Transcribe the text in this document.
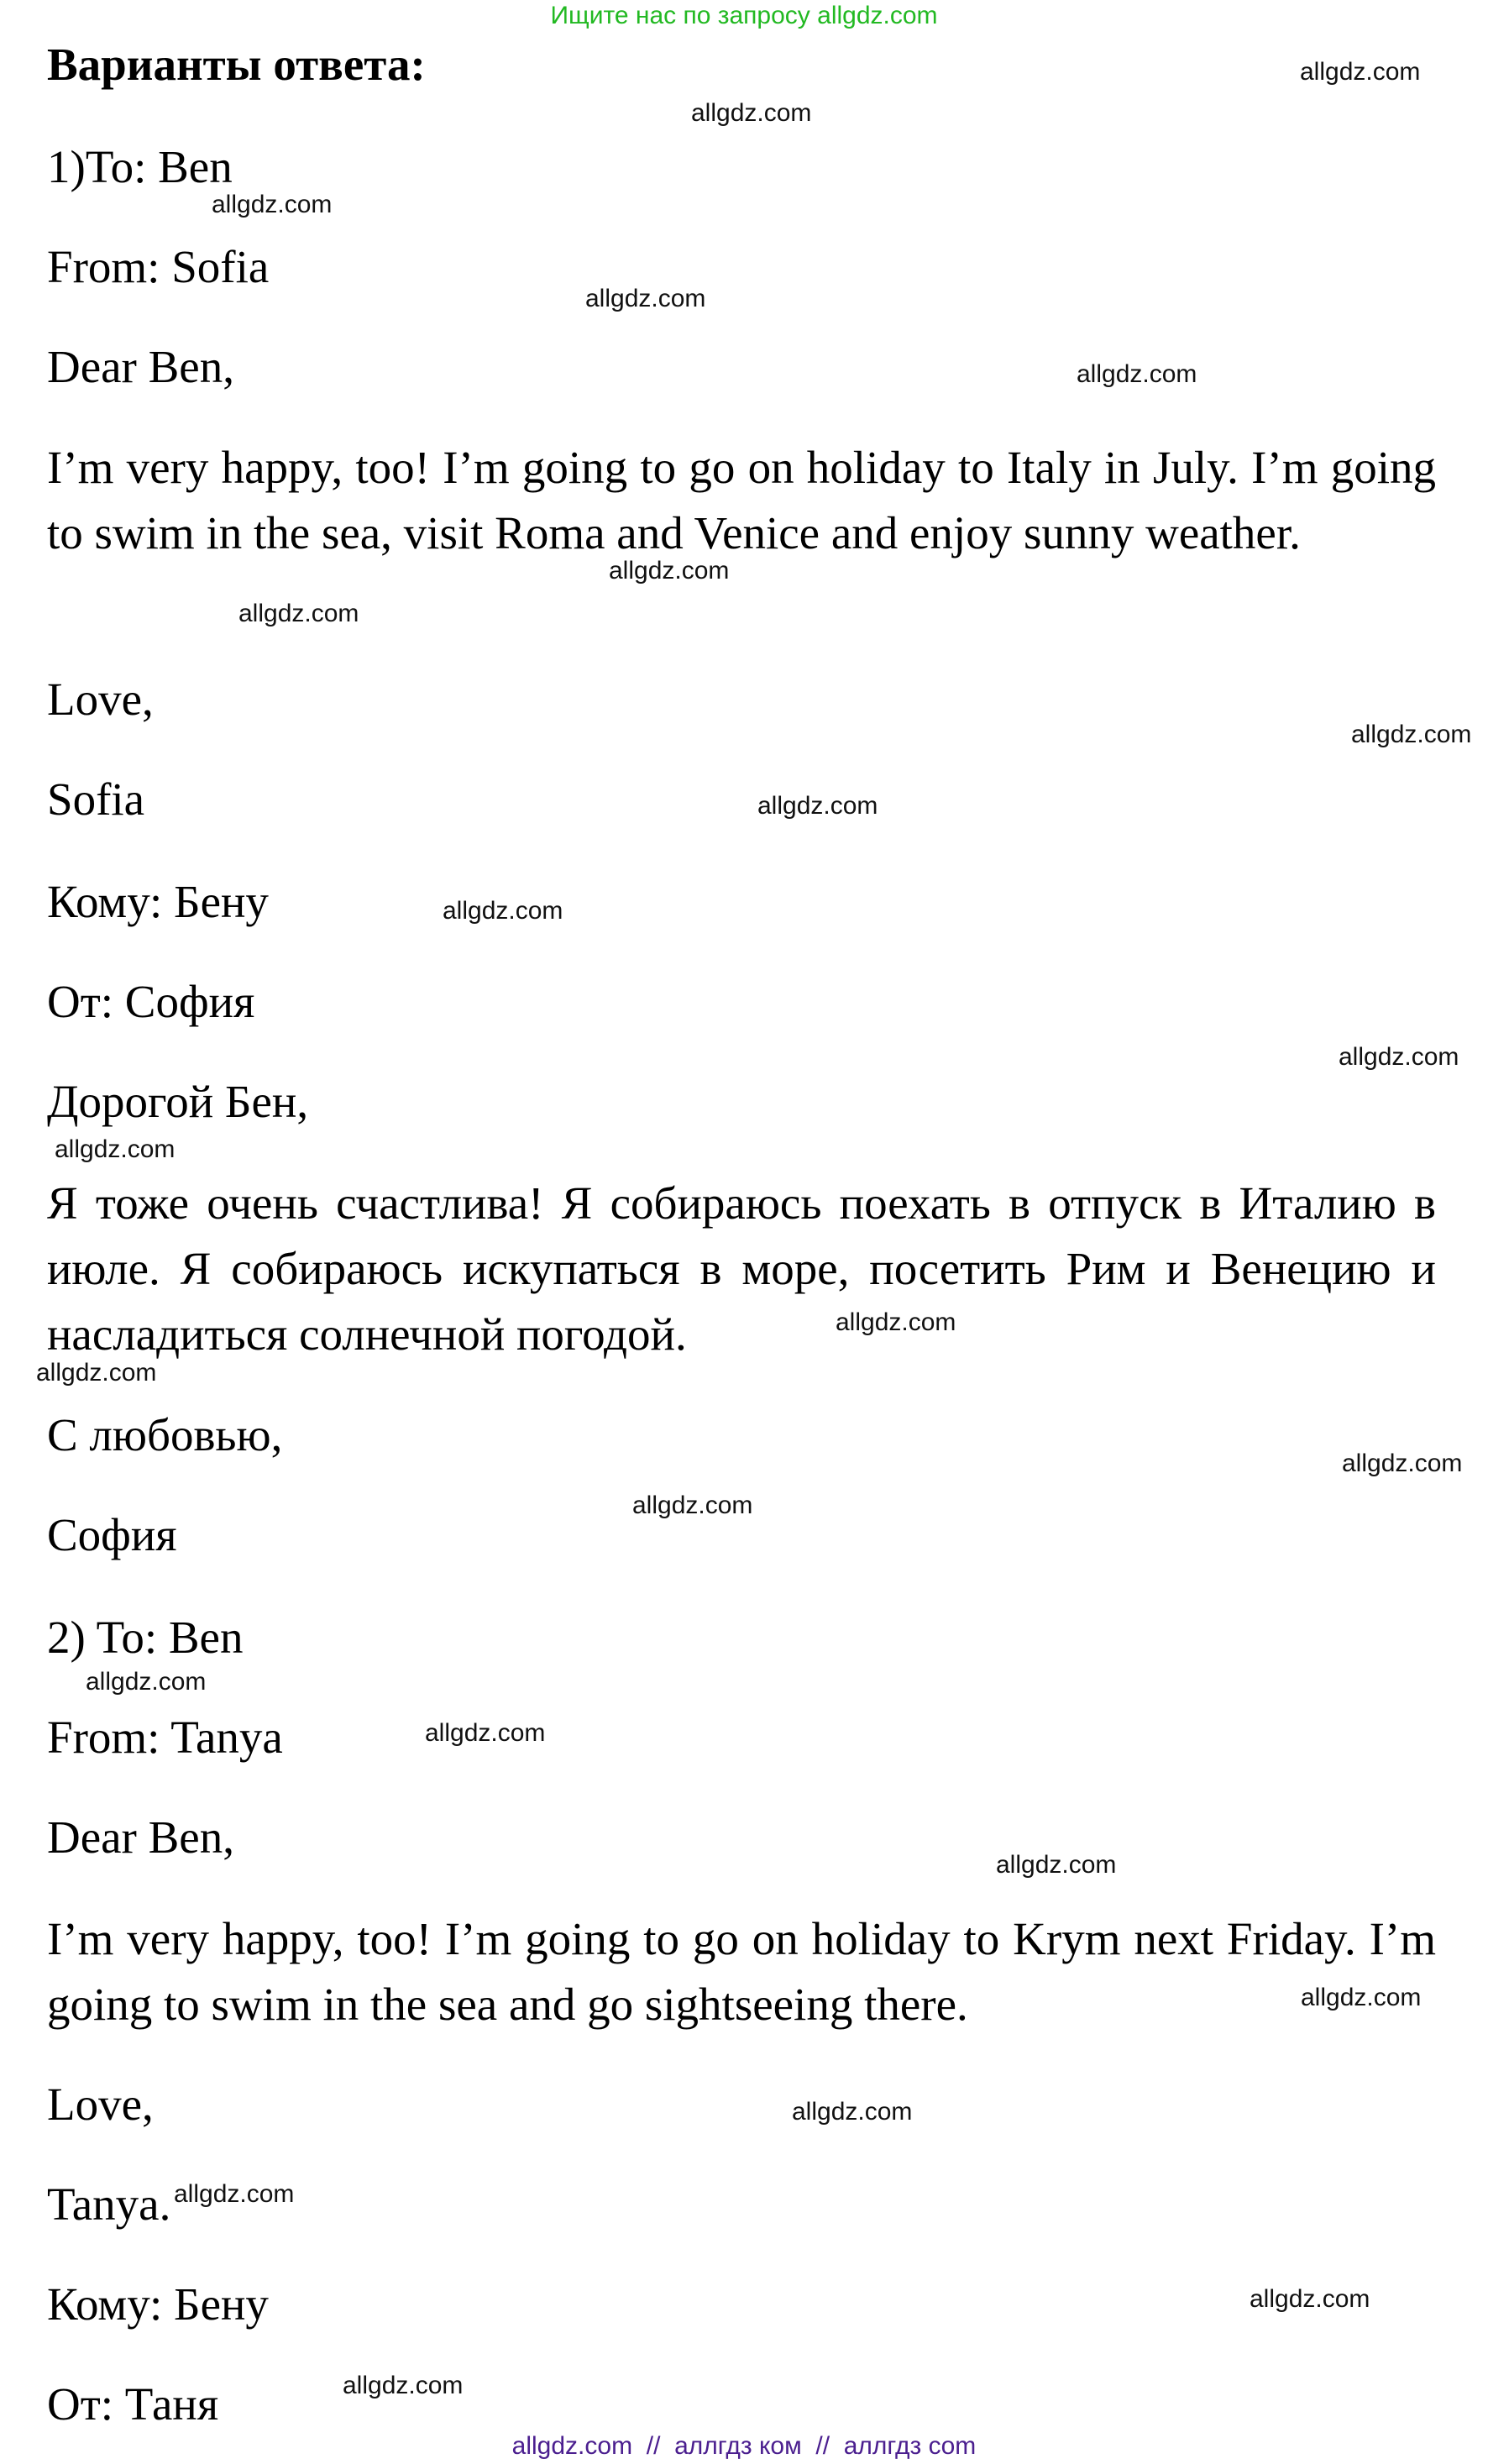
Ищите нас по запросу allgdz.com
Варианты ответа:
1)To: Ben
From: Sofia
Dear Ben,
I’m very happy, too! I’m going to go on holiday to Italy in July. I’m going to swim in the sea, visit Roma and Venice and enjoy sunny weather.
Love,
Sofia
Кому: Бену
От: София
Дорогой Бен,
Я тоже очень счастлива! Я собираюсь поехать в отпуск в Италию в июле. Я собираюсь искупаться в море, посетить Рим и Венецию и насладиться солнечной погодой.
С любовью,
София
2) To: Ben
From: Tanya
Dear Ben,
I’m very happy, too! I’m going to go on holiday to Krym next Friday. I’m going to swim in the sea and go sightseeing there.
Love,
Tanya.
Кому: Бену
От: Таня
allgdz.com
allgdz.com
allgdz.com
allgdz.com
allgdz.com
allgdz.com
allgdz.com
allgdz.com
allgdz.com
allgdz.com
allgdz.com
allgdz.com
allgdz.com
allgdz.com
allgdz.com
allgdz.com
allgdz.com
allgdz.com
allgdz.com
allgdz.com
allgdz.com
allgdz.com
allgdz.com
allgdz.com
allgdz.com  //  аллгдз ком  //  аллгдз com
